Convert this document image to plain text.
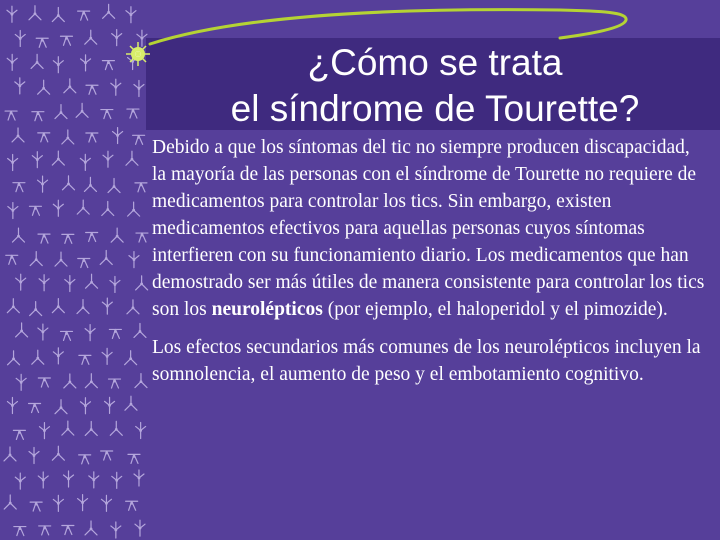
¿Cómo se trata
el síndrome de Tourette?

Debido a que los síntomas del tic no siempre producen discapacidad, la mayoría de las personas con el síndrome de Tourette no requiere de medicamentos para controlar los tics. Sin embargo, existen medicamentos efectivos para aquellas personas cuyos síntomas interfieren con su funcionamiento diario. Los medicamentos que han demostrado ser más útiles de manera consistente para controlar los tics son los neurolépticos (por ejemplo, el haloperidol y el pimozide).

Los efectos secundarios más comunes de los neurolépticos incluyen la somnolencia, el aumento de peso y el embotamiento cognitivo.
